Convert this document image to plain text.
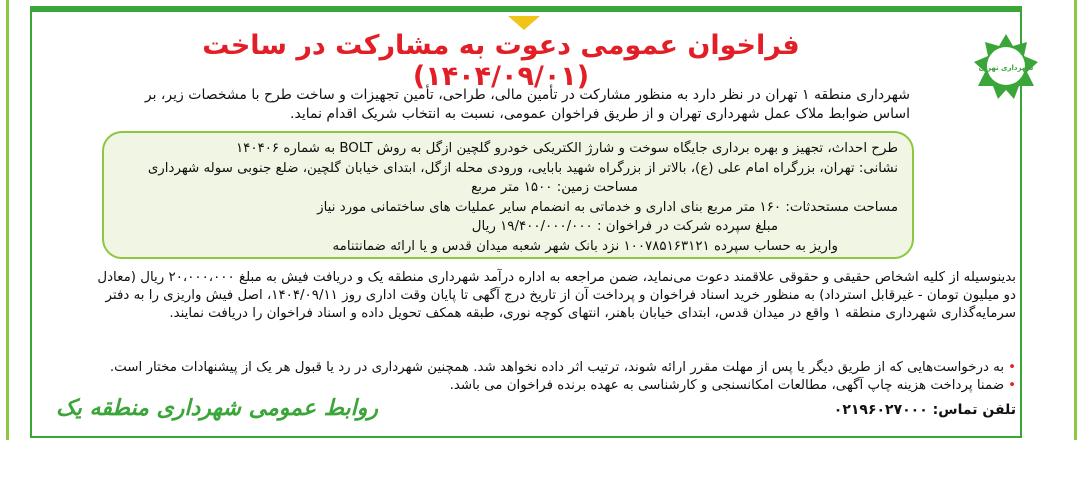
شهرداری تهران
فراخوان عمومی دعوت به مشارکت در ساخت (۱۴۰۴/۰۹/۰۱)
شهرداری منطقه ۱ تهران در نظر دارد به منظور مشارکت در تأمین مالی، طراحی، تأمین تجهیزات و ساخت طرح با مشخصات زیر، بر اساس ضوابط ملاک عمل شهرداری تهران و از طریق فراخوان عمومی، نسبت به انتخاب شریک اقدام نماید.
طرح احداث، تجهیز و بهره برداری جایگاه سوخت و شارژ الکتریکی خودرو گلچین ازگل به روش BOLT به شماره ۱۴۰۴۰۶
نشانی: تهران، بزرگراه امام علی (ع)، بالاتر از بزرگراه شهید بابایی، ورودی محله ازگل، ابتدای خیابان گلچین، ضلع جنوبی سوله شهرداری
مساحت زمین: ۱۵۰۰ متر مربع
مساحت مستحدثات: ۱۶۰ متر مربع بنای اداری و خدماتی به انضمام سایر عملیات های ساختمانی مورد نیاز
مبلغ سپرده شرکت در فراخوان : ۱۹/۴۰۰/۰۰۰/۰۰۰ ریال
واریز به حساب سپرده ۱۰۰۷۸۵۱۶۳۱۲۱ نزد بانک شهر شعبه میدان قدس و یا ارائه ضمانتنامه
بدینوسیله از کلیه اشخاص حقیقی و حقوقی علاقمند دعوت می‌نماید، ضمن مراجعه به اداره درآمد شهرداری منطقه یک و دریافت فیش به مبلغ ۲۰،۰۰۰،۰۰۰ ریال (معادل دو میلیون تومان - غیرقابل استرداد) به منظور خرید اسناد فراخوان و پرداخت آن از تاریخ درج آگهی تا پایان وقت اداری روز ۱۴۰۴/۰۹/۱۱، اصل فیش واریزی را به دفتر سرمایه‌گذاری شهرداری منطقه ۱ واقع در میدان قدس، ابتدای خیابان باهنر، انتهای کوچه نوری، طبقه همکف تحویل داده و اسناد فراخوان را دریافت نمایند.
•به درخواست‌هایی که از طریق دیگر یا پس از مهلت مقرر ارائه شوند، ترتیب اثر داده نخواهد شد. همچنین شهرداری در رد یا قبول هر یک از پیشنهادات مختار است.
•ضمنا پرداخت هزینه چاپ آگهی، مطالعات امکانسنجی و کارشناسی به عهده برنده فراخوان می باشد.
تلفن تماس: ۰۲۱۹۶۰۲۷۰۰۰
روابط عمومی شهرداری منطقه یک
